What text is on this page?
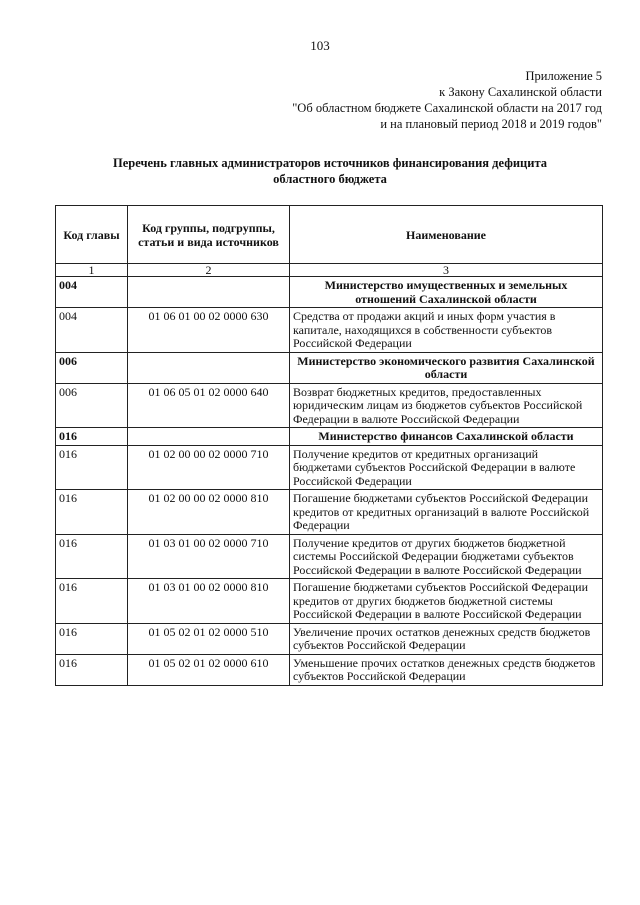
103
Приложение 5
к Закону Сахалинской области
"Об областном бюджете Сахалинской области на 2017 год
и на плановый период 2018 и 2019 годов"
Перечень главных администраторов источников финансирования дефицита
областного бюджета
Код главы	Код группы, подгруппы, статьи и вида источников	Наименование
1	2	3
004		Министерство имущественных и земельных отношений Сахалинской области
004	01 06 01 00 02 0000 630	Средства от продажи акций и иных форм участия в капитале, находящихся в собственности субъектов Российской Федерации
006		Министерство экономического развития Сахалинской области
006	01 06 05 01 02 0000 640	Возврат бюджетных кредитов, предоставленных юридическим лицам из бюджетов субъектов Российской Федерации в валюте Российской Федерации
016		Министерство финансов Сахалинской области
016	01 02 00 00 02 0000 710	Получение кредитов от кредитных организаций бюджетами субъектов Российской Федерации в валюте Российской Федерации
016	01 02 00 00 02 0000 810	Погашение бюджетами субъектов Российской Федерации кредитов от кредитных организаций в валюте Российской Федерации
016	01 03 01 00 02 0000 710	Получение кредитов от других бюджетов бюджетной системы Российской Федерации бюджетами субъектов Российской Федерации в валюте Российской Федерации
016	01 03 01 00 02 0000 810	Погашение бюджетами субъектов Российской Федерации кредитов от других бюджетов бюджетной системы Российской Федерации в валюте Российской Федерации
016	01 05 02 01 02 0000 510	Увеличение прочих остатков денежных средств бюджетов субъектов Российской Федерации
016	01 05 02 01 02 0000 610	Уменьшение прочих остатков денежных средств бюджетов субъектов Российской Федерации
